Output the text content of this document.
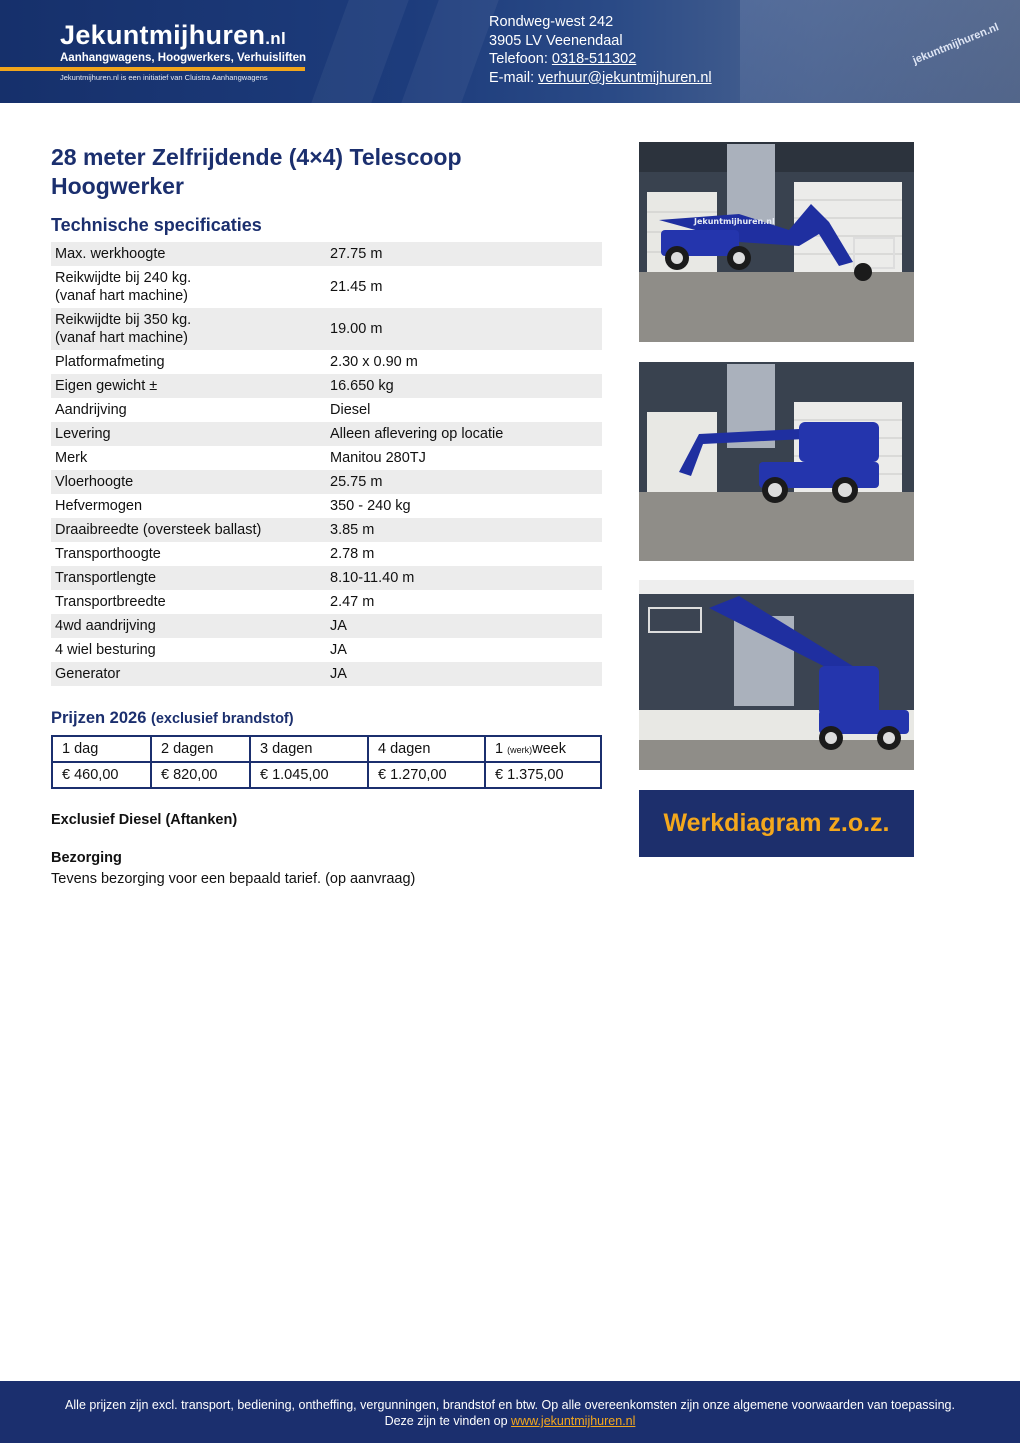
jekuntmijhuren.nl
Jekuntmijhuren.nl
Aanhangwagens, Hoogwerkers, Verhuisliften
Jekuntmijhuren.nl is een initiatief van Cluistra Aanhangwagens
Rondweg-west 242
3905 LV Veenendaal
Telefoon: 0318-511302
E-mail: verhuur@jekuntmijhuren.nl
28 meter Zelfrijdende (4×4) Telescoop Hoogwerker
Technische specificaties
Max. werkhoogte	27.75 m
Reikwijdte bij 240 kg.
(vanaf hart machine)
21.45 m
Reikwijdte bij 350 kg.
(vanaf hart machine)
19.00 m
Platformafmeting	2.30 x 0.90 m
Eigen gewicht ±	16.650 kg
Aandrijving	Diesel
Levering	Alleen aflevering op locatie
Merk	Manitou 280TJ
Vloerhoogte	25.75 m
Hefvermogen	350 - 240 kg
Draaibreedte (oversteek ballast)	3.85 m
Transporthoogte	2.78 m
Transportlengte	8.10-11.40 m
Transportbreedte	2.47 m
4wd aandrijving	JA
4 wiel besturing	JA
Generator	JA
Prijzen 2026 (exclusief brandstof)
1 dag	2 dagen	3 dagen	4 dagen	1 (werk)week
€ 460,00	€ 820,00	€ 1.045,00	€ 1.270,00	€ 1.375,00
Exclusief Diesel (Aftanken)
Bezorging
Tevens bezorging voor een bepaald tarief. (op aanvraag)
Jekuntmijhuren.nl
Werkdiagram z.o.z.
Alle prijzen zijn excl. transport, bediening, ontheffing, vergunningen, brandstof en btw. Op alle overeenkomsten zijn onze algemene voorwaarden van toepassing.
Deze zijn te vinden op www.jekuntmijhuren.nl
